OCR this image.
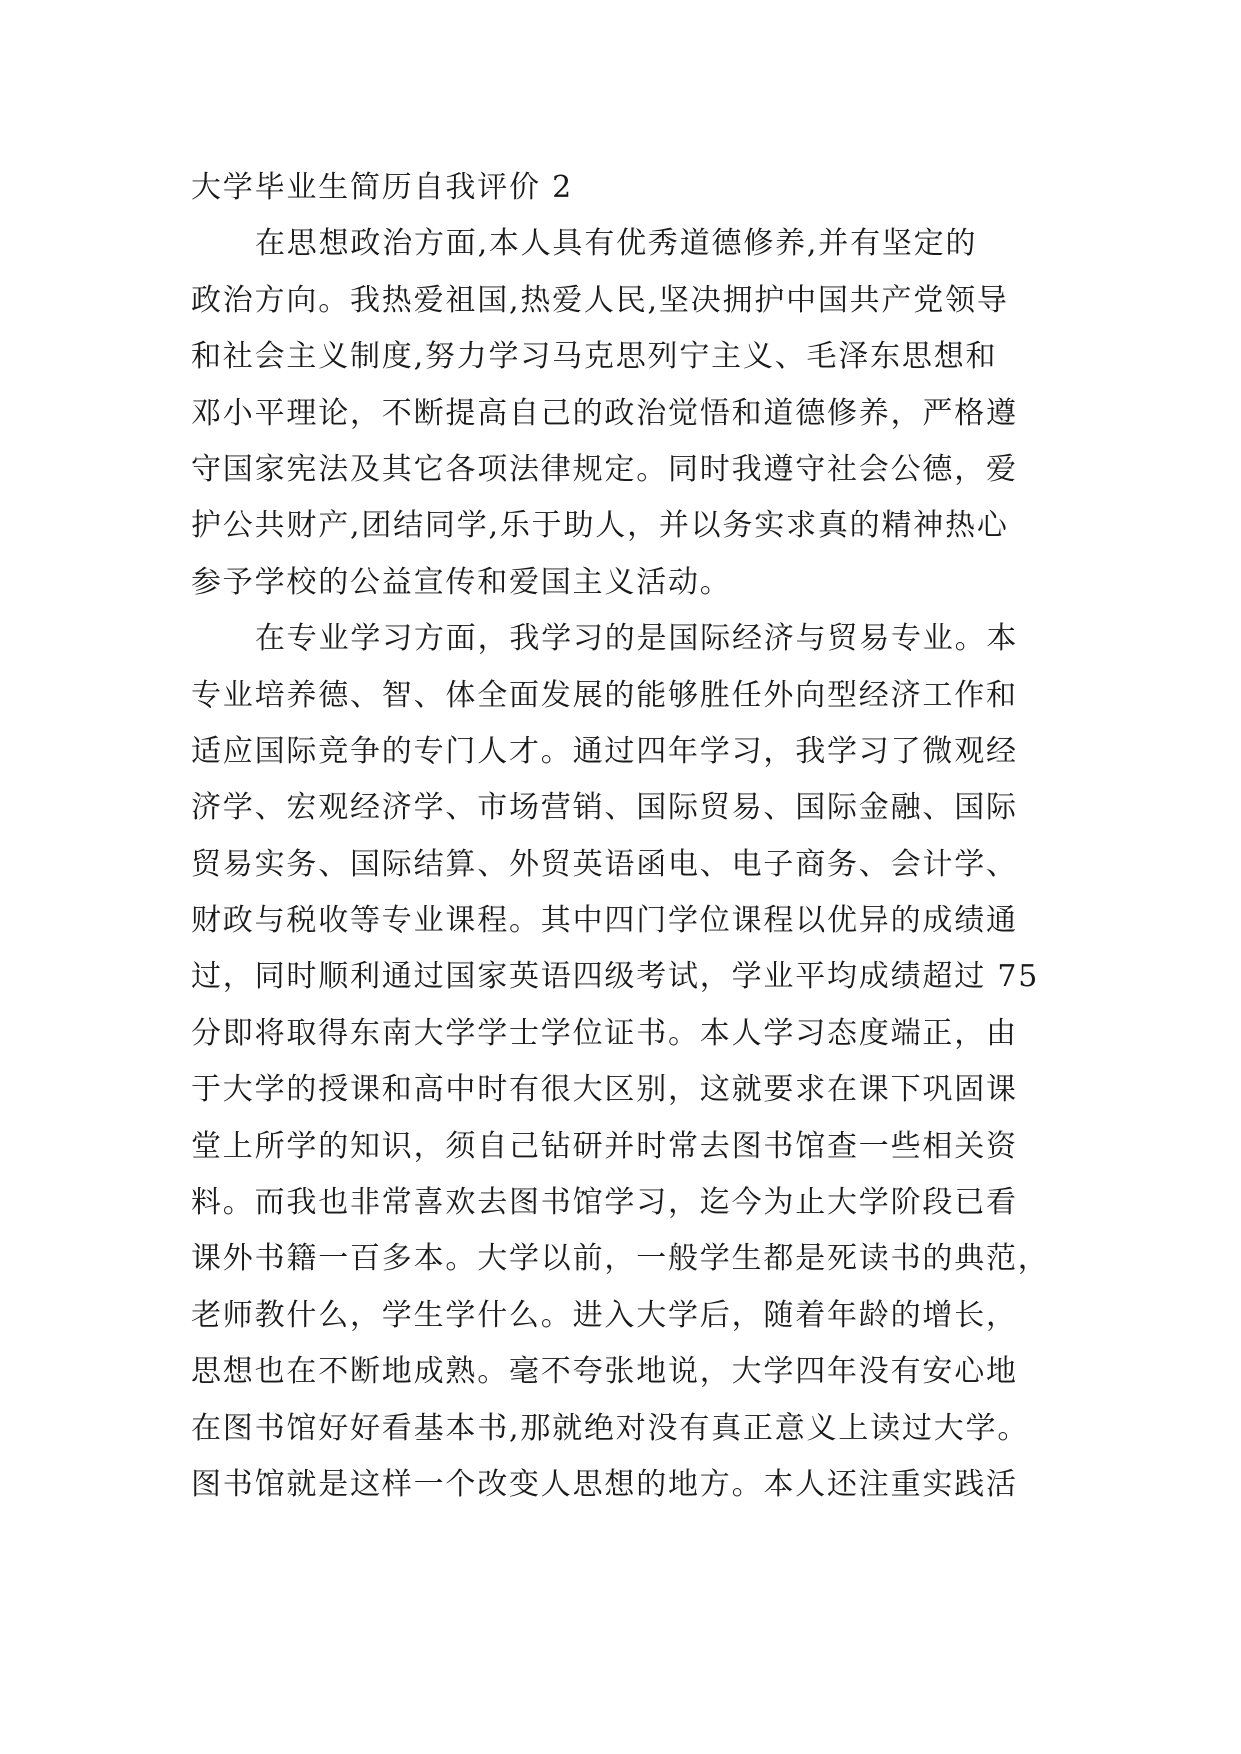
大学毕业生简历自我评价 2
在思想政治方面,本人具有优秀道德修养,并有坚定的
政治方向。我热爱祖国,热爱人民,坚决拥护中国共产党领导
和社会主义制度,努力学习马克思列宁主义、毛泽东思想和
邓小平理论，不断提高自己的政治觉悟和道德修养，严格遵
守国家宪法及其它各项法律规定。同时我遵守社会公德，爱
护公共财产,团结同学,乐于助人，并以务实求真的精神热心
参予学校的公益宣传和爱国主义活动。
在专业学习方面，我学习的是国际经济与贸易专业。本
专业培养德、智、体全面发展的能够胜任外向型经济工作和
适应国际竞争的专门人才。通过四年学习，我学习了微观经
济学、宏观经济学、市场营销、国际贸易、国际金融、国际
贸易实务、国际结算、外贸英语函电、电子商务、会计学、
财政与税收等专业课程。其中四门学位课程以优异的成绩通
过，同时顺利通过国家英语四级考试，学业平均成绩超过 75
分即将取得东南大学学士学位证书。本人学习态度端正，由
于大学的授课和高中时有很大区别，这就要求在课下巩固课
堂上所学的知识，须自己钻研并时常去图书馆查一些相关资
料。而我也非常喜欢去图书馆学习，迄今为止大学阶段已看
课外书籍一百多本。大学以前，一般学生都是死读书的典范，
老师教什么，学生学什么。进入大学后，随着年龄的增长，
思想也在不断地成熟。毫不夸张地说，大学四年没有安心地
在图书馆好好看基本书,那就绝对没有真正意义上读过大学。
图书馆就是这样一个改变人思想的地方。本人还注重实践活
